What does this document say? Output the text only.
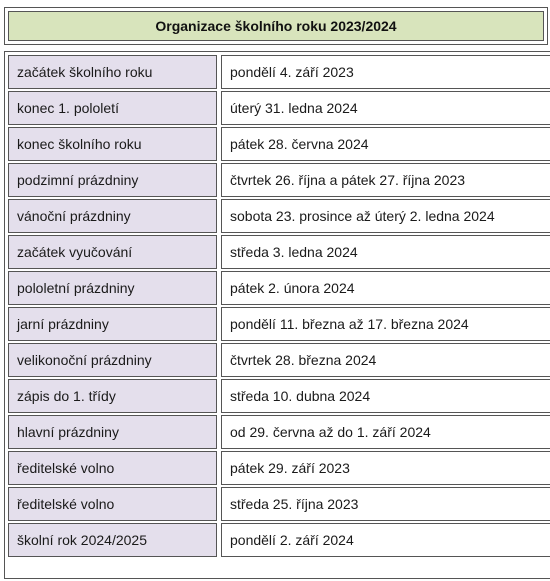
Organizace školního roku 2023/2024
začátek školního roku		pondělí 4. září 2023
konec 1. pololetí		úterý 31. ledna 2024
konec školního roku		pátek 28. června 2024
podzimní prázdniny		čtvrtek 26. října a pátek 27. října 2023
vánoční prázdniny		sobota 23. prosince až úterý 2. ledna 2024
začátek vyučování		středa 3. ledna 2024
pololetní prázdniny		pátek 2. února 2024
jarní prázdniny		pondělí 11. března až 17. března 2024
velikonoční prázdniny		čtvrtek 28. března 2024
zápis do 1. třídy		středa 10. dubna 2024
hlavní prázdniny		od 29. června až do 1. září 2024
ředitelské volno		pátek 29. září 2023
ředitelské volno		středa 25. října 2023
školní rok 2024/2025		pondělí 2. září 2024
